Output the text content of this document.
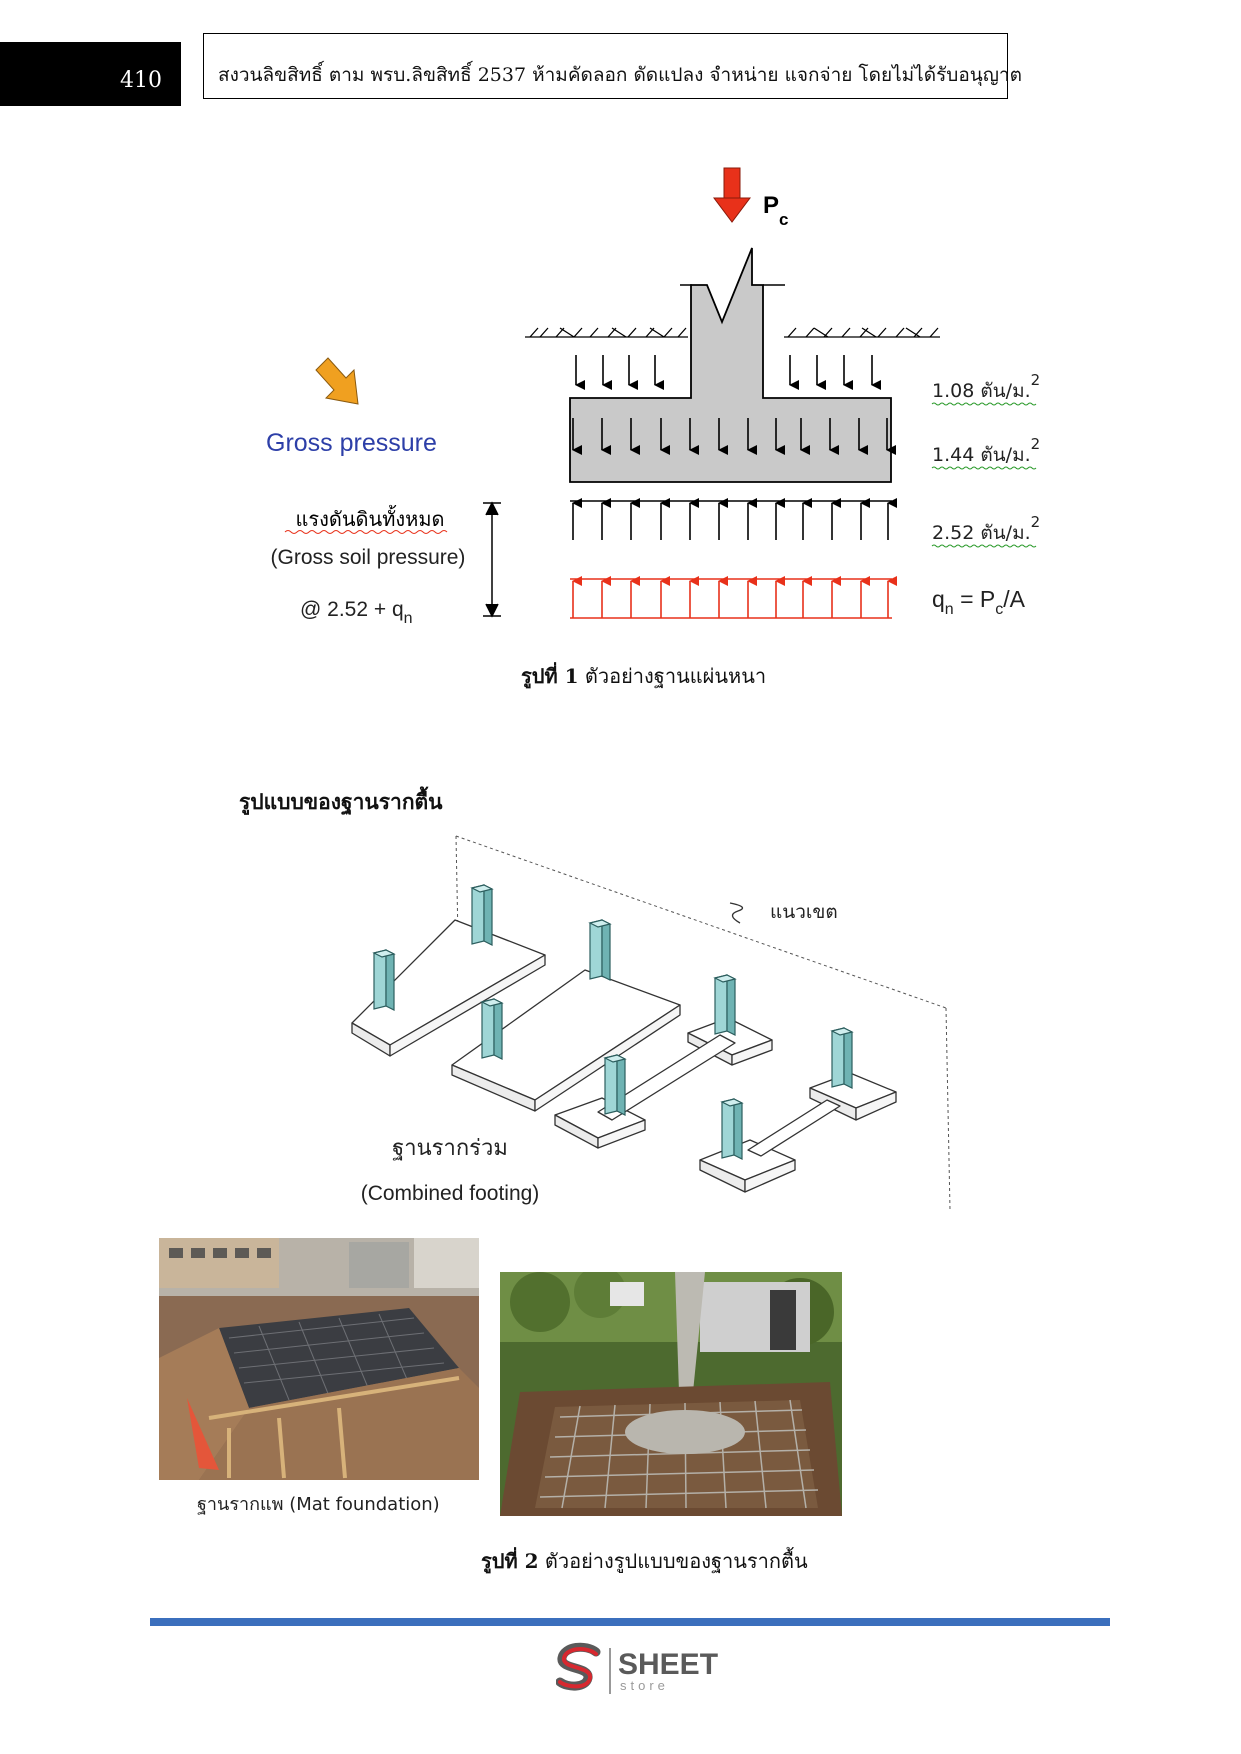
410	สงวนลิขสิทธิ์ ตาม พรบ.ลิขสิทธิ์ 2537 ห้ามคัดลอก ดัดแปลง จำหน่าย แจกจ่าย โดยไม่ได้รับอนุญาต
$P_c$
Gross pressure
แรงดันดินทั้งหมด
(Gross soil pressure)
@ $2.52 + q_n$
1.08 ตัน/ม.$^2$
1.44 ตัน/ม.$^2$
2.52 ตัน/ม.$^2$
$q_n = P_c/A$
รูปที่ 1 ตัวอย่างฐานแผ่นหนา
รูปแบบของฐานรากตื้น
แนวเขต
ฐานรากร่วม
(Combined footing)
ฐานรากแพ (Mat foundation)
รูปที่ 2 ตัวอย่างรูปแบบของฐานรากตื้น
SHEET
store
